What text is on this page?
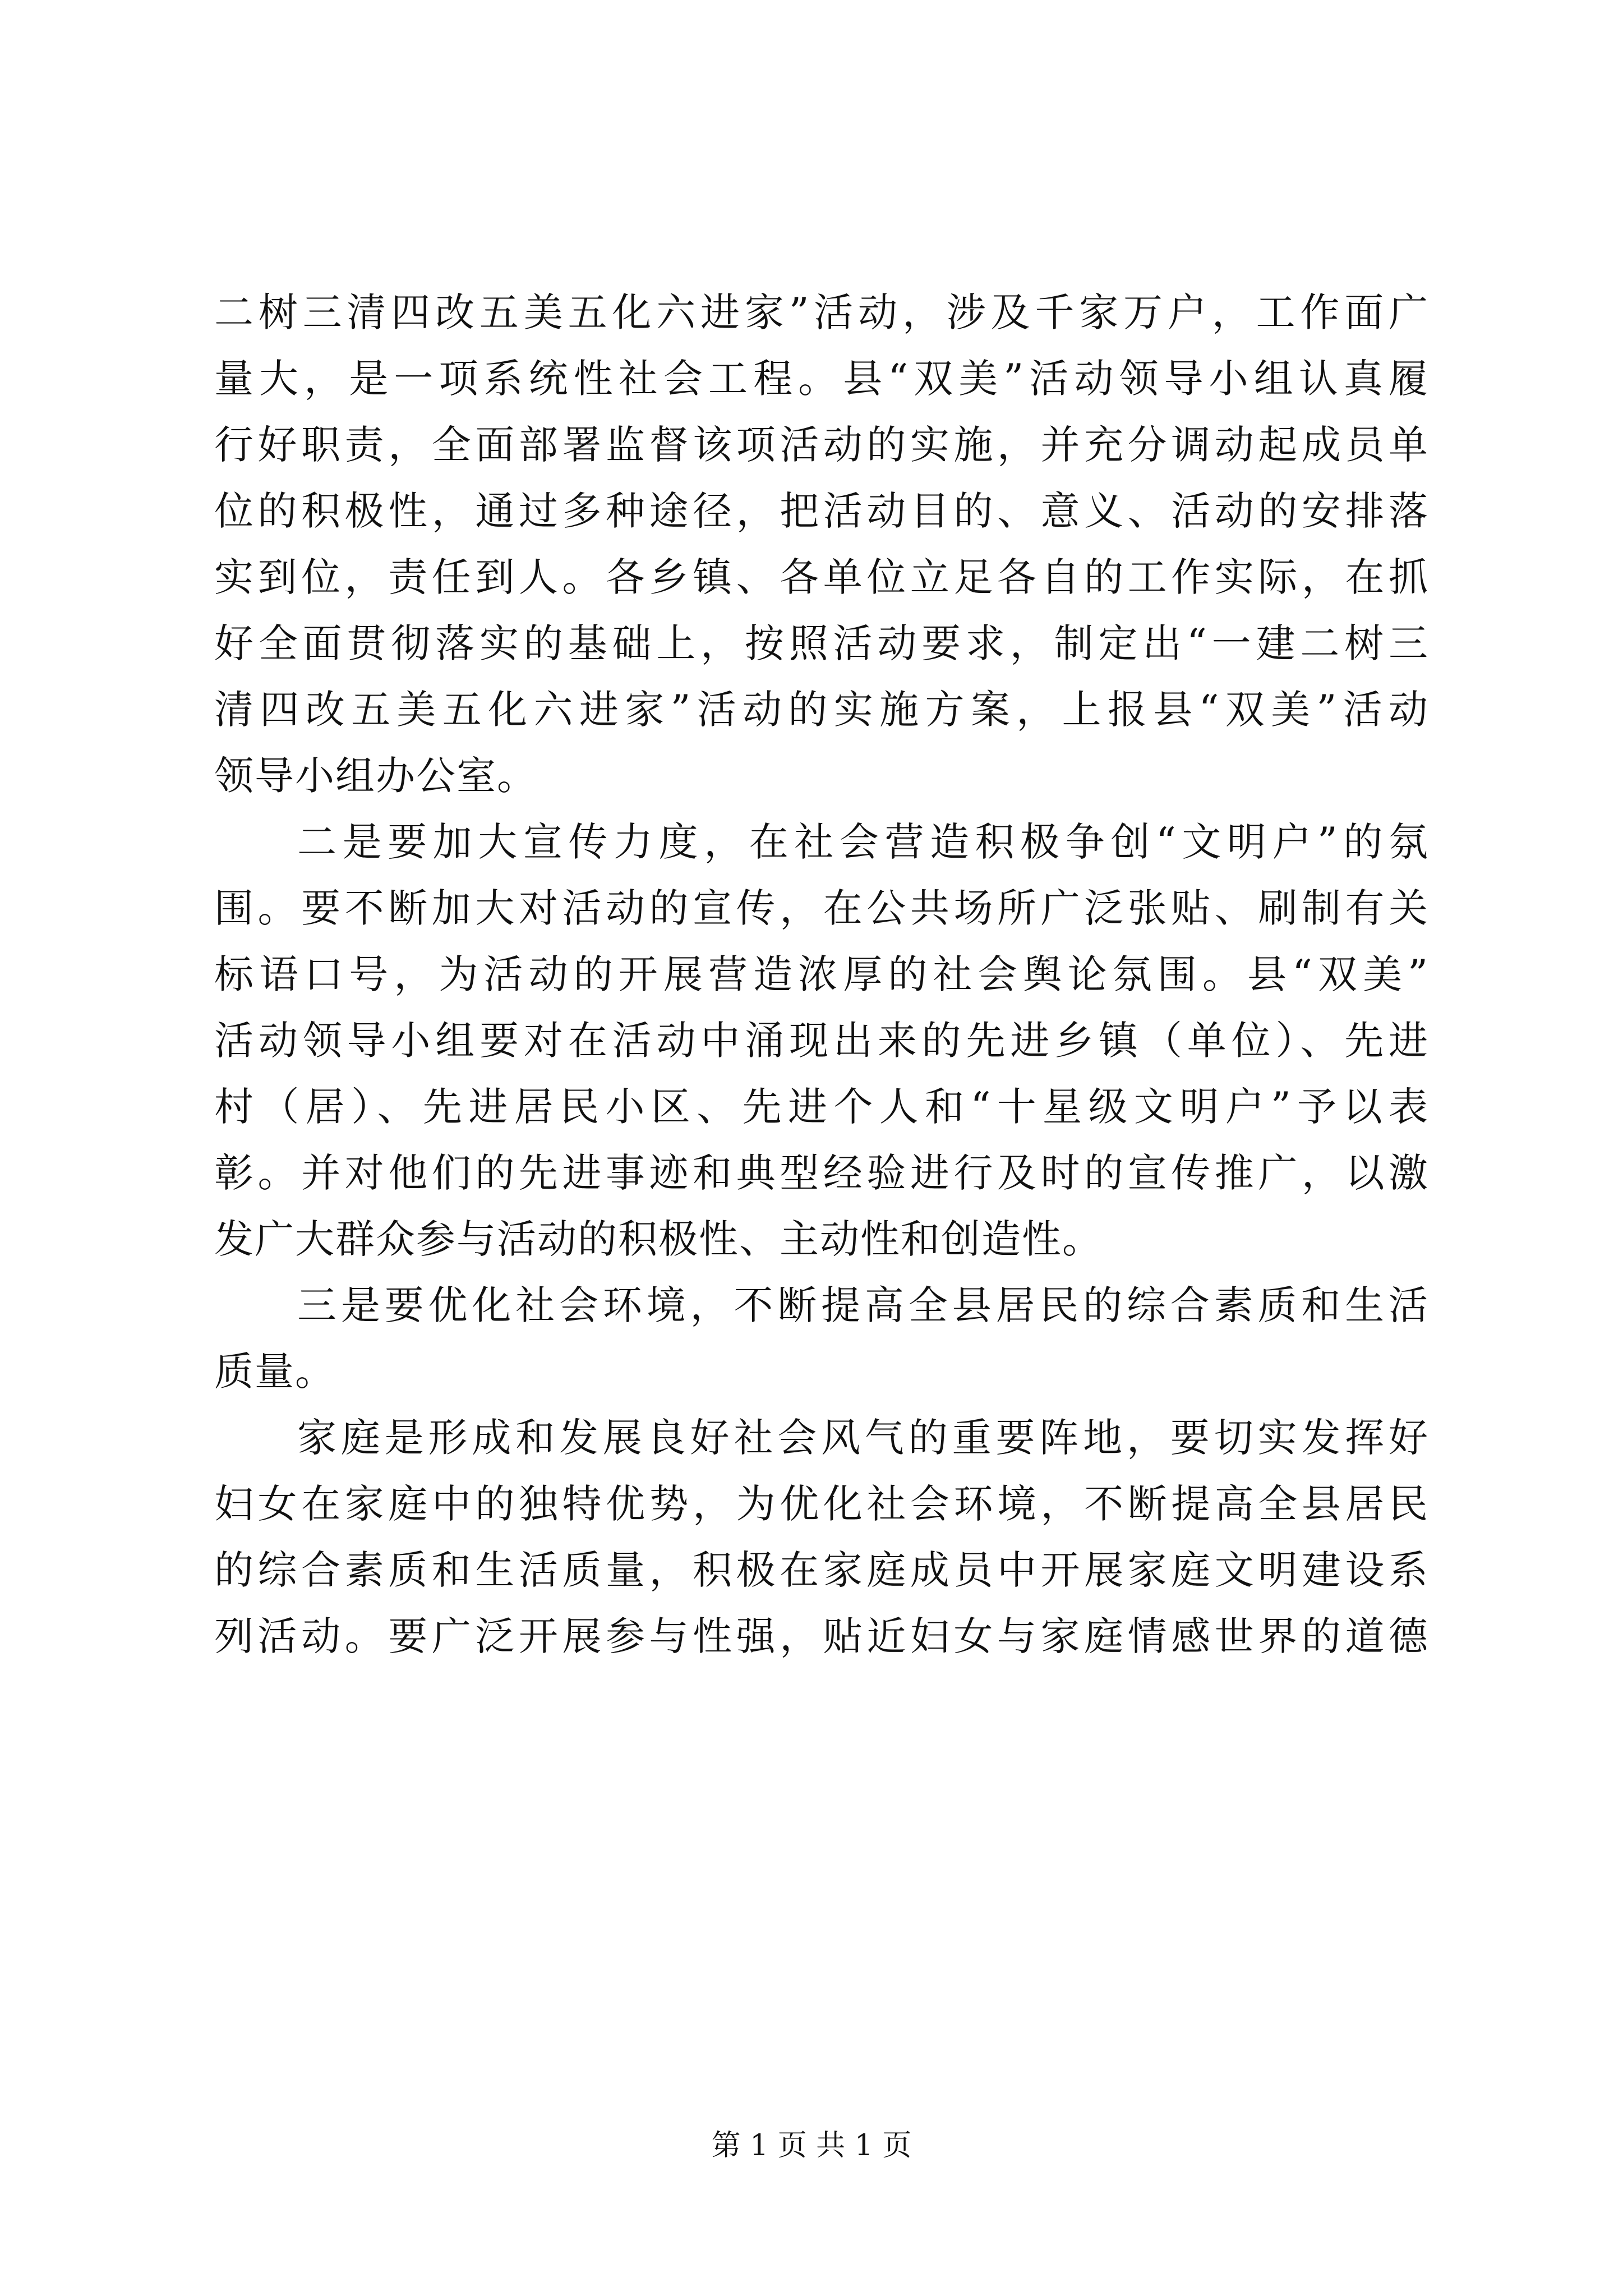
二树三清四改五美五化六进家”活动，涉及千家万户，工作面广
量大，是一项系统性社会工程。县“双美”活动领导小组认真履
行好职责，全面部署监督该项活动的实施，并充分调动起成员单
位的积极性，通过多种途径，把活动目的、意义、活动的安排落
实到位，责任到人。各乡镇、各单位立足各自的工作实际，在抓
好全面贯彻落实的基础上，按照活动要求，制定出“一建二树三
清四改五美五化六进家”活动的实施方案，上报县“双美”活动
领导小组办公室。
二是要加大宣传力度，在社会营造积极争创“文明户”的氛
围。要不断加大对活动的宣传，在公共场所广泛张贴、刷制有关
标语口号，为活动的开展营造浓厚的社会舆论氛围。县“双美”
活动领导小组要对在活动中涌现出来的先进乡镇（单位）、先进
村（居）、先进居民小区、先进个人和“十星级文明户”予以表
彰。并对他们的先进事迹和典型经验进行及时的宣传推广，以激
发广大群众参与活动的积极性、主动性和创造性。
三是要优化社会环境，不断提高全县居民的综合素质和生活
质量。
家庭是形成和发展良好社会风气的重要阵地，要切实发挥好
妇女在家庭中的独特优势，为优化社会环境，不断提高全县居民
的综合素质和生活质量，积极在家庭成员中开展家庭文明建设系
列活动。要广泛开展参与性强，贴近妇女与家庭情感世界的道德
第 1 页 共 1 页
